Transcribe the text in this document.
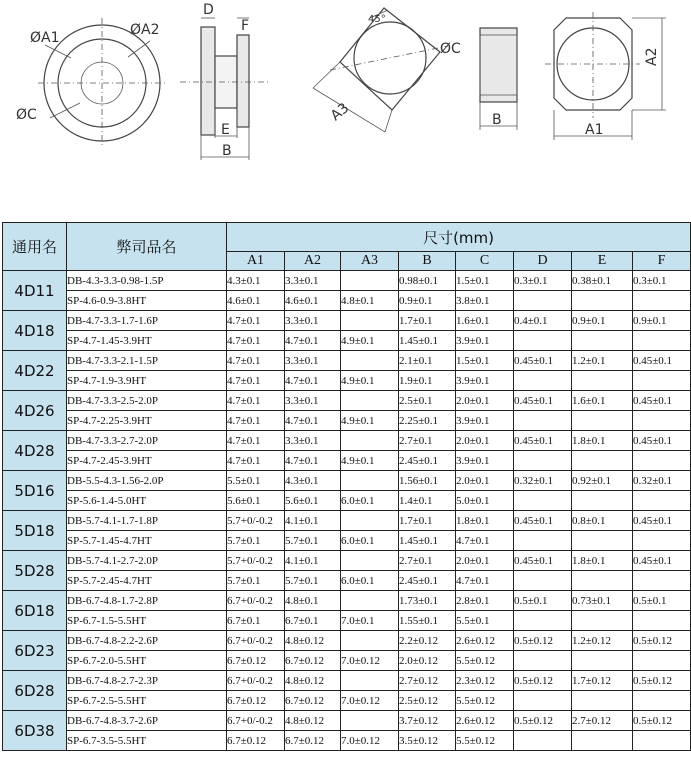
ØA1	ØA2
ØC
D
F
E
B
A3
45°
ØC
B
A1
A2
通用名	弊司品名	尺寸(mm)							
		A1	A2	A3	B	C	D	E	F
4D11	DB-4.3-3.3-0.98-1.5P	4.3±0.1	3.3±0.1		0.98±0.1	1.5±0.1	0.3±0.1	0.38±0.1	0.3±0.1
	SP-4.6-0.9-3.8HT	4.6±0.1	4.6±0.1	4.8±0.1	0.9±0.1	3.8±0.1			
4D18	DB-4.7-3.3-1.7-1.6P	4.7±0.1	3.3±0.1		1.7±0.1	1.6±0.1	0.4±0.1	0.9±0.1	0.9±0.1
	SP-4.7-1.45-3.9HT	4.7±0.1	4.7±0.1	4.9±0.1	1.45±0.1	3.9±0.1			
4D22	DB-4.7-3.3-2.1-1.5P	4.7±0.1	3.3±0.1		2.1±0.1	1.5±0.1	0.45±0.1	1.2±0.1	0.45±0.1
	SP-4.7-1.9-3.9HT	4.7±0.1	4.7±0.1	4.9±0.1	1.9±0.1	3.9±0.1			
4D26	DB-4.7-3.3-2.5-2.0P	4.7±0.1	3.3±0.1		2.5±0.1	2.0±0.1	0.45±0.1	1.6±0.1	0.45±0.1
	SP-4.7-2.25-3.9HT	4.7±0.1	4.7±0.1	4.9±0.1	2.25±0.1	3.9±0.1			
4D28	DB-4.7-3.3-2.7-2.0P	4.7±0.1	3.3±0.1		2.7±0.1	2.0±0.1	0.45±0.1	1.8±0.1	0.45±0.1
	SP-4.7-2.45-3.9HT	4.7±0.1	4.7±0.1	4.9±0.1	2.45±0.1	3.9±0.1			
5D16	DB-5.5-4.3-1.56-2.0P	5.5±0.1	4.3±0.1		1.56±0.1	2.0±0.1	0.32±0.1	0.92±0.1	0.32±0.1
	SP-5.6-1.4-5.0HT	5.6±0.1	5.6±0.1	6.0±0.1	1.4±0.1	5.0±0.1			
5D18	DB-5.7-4.1-1.7-1.8P	5.7+0/-0.2	4.1±0.1		1.7±0.1	1.8±0.1	0.45±0.1	0.8±0.1	0.45±0.1
	SP-5.7-1.45-4.7HT	5.7±0.1	5.7±0.1	6.0±0.1	1.45±0.1	4.7±0.1			
5D28	DB-5.7-4.1-2.7-2.0P	5.7+0/-0.2	4.1±0.1		2.7±0.1	2.0±0.1	0.45±0.1	1.8±0.1	0.45±0.1
	SP-5.7-2.45-4.7HT	5.7±0.1	5.7±0.1	6.0±0.1	2.45±0.1	4.7±0.1			
6D18	DB-6.7-4.8-1.7-2.8P	6.7+0/-0.2	4.8±0.1		1.73±0.1	2.8±0.1	0.5±0.1	0.73±0.1	0.5±0.1
	SP-6.7-1.5-5.5HT	6.7±0.1	6.7±0.1	7.0±0.1	1.55±0.1	5.5±0.1			
6D23	DB-6.7-4.8-2.2-2.6P	6.7+0/-0.2	4.8±0.12		2.2±0.12	2.6±0.12	0.5±0.12	1.2±0.12	0.5±0.12
	SP-6.7-2.0-5.5HT	6.7±0.12	6.7±0.12	7.0±0.12	2.0±0.12	5.5±0.12			
6D28	DB-6.7-4.8-2.7-2.3P	6.7+0/-0.2	4.8±0.12		2.7±0.12	2.3±0.12	0.5±0.12	1.7±0.12	0.5±0.12
	SP-6.7-2.5-5.5HT	6.7±0.12	6.7±0.12	7.0±0.12	2.5±0.12	5.5±0.12			
6D38	DB-6.7-4.8-3.7-2.6P	6.7+0/-0.2	4.8±0.12		3.7±0.12	2.6±0.12	0.5±0.12	2.7±0.12	0.5±0.12
	SP-6.7-3.5-5.5HT	6.7±0.12	6.7±0.12	7.0±0.12	3.5±0.12	5.5±0.12			
